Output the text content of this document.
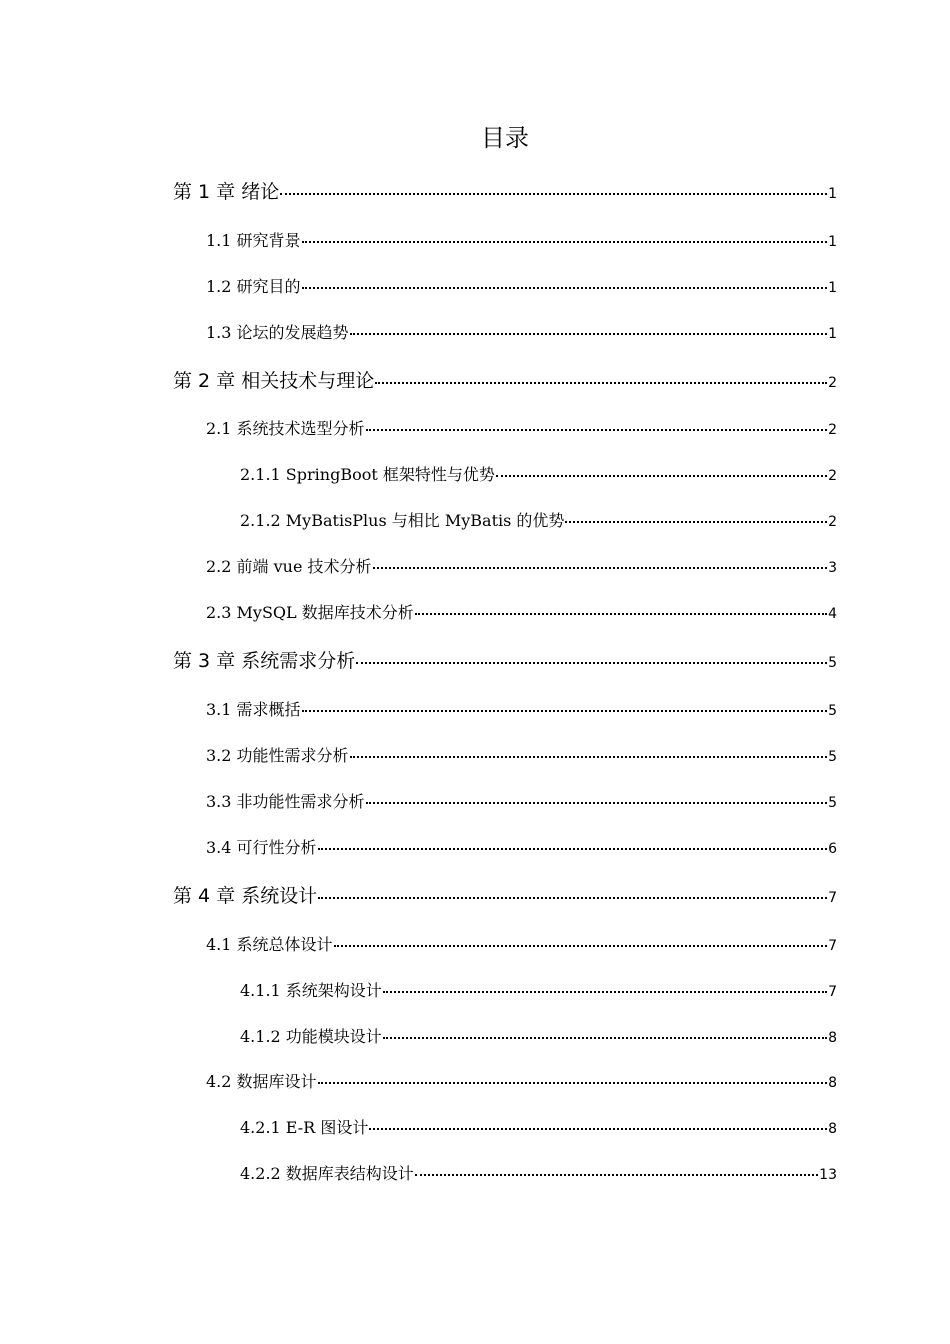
目录
第 1 章 绪论	1
1.1 研究背景	1
1.2 研究目的	1
1.3 论坛的发展趋势	1
第 2 章 相关技术与理论	2
2.1 系统技术选型分析	2
2.1.1 SpringBoot 框架特性与优势	2
2.1.2 MyBatisPlus 与相比 MyBatis 的优势	2
2.2 前端 vue 技术分析	3
2.3 MySQL 数据库技术分析	4
第 3 章 系统需求分析	5
3.1 需求概括	5
3.2 功能性需求分析	5
3.3 非功能性需求分析	5
3.4 可行性分析	6
第 4 章 系统设计	7
4.1 系统总体设计	7
4.1.1 系统架构设计	7
4.1.2 功能模块设计	8
4.2 数据库设计	8
4.2.1 E-R 图设计	8
4.2.2 数据库表结构设计	13
